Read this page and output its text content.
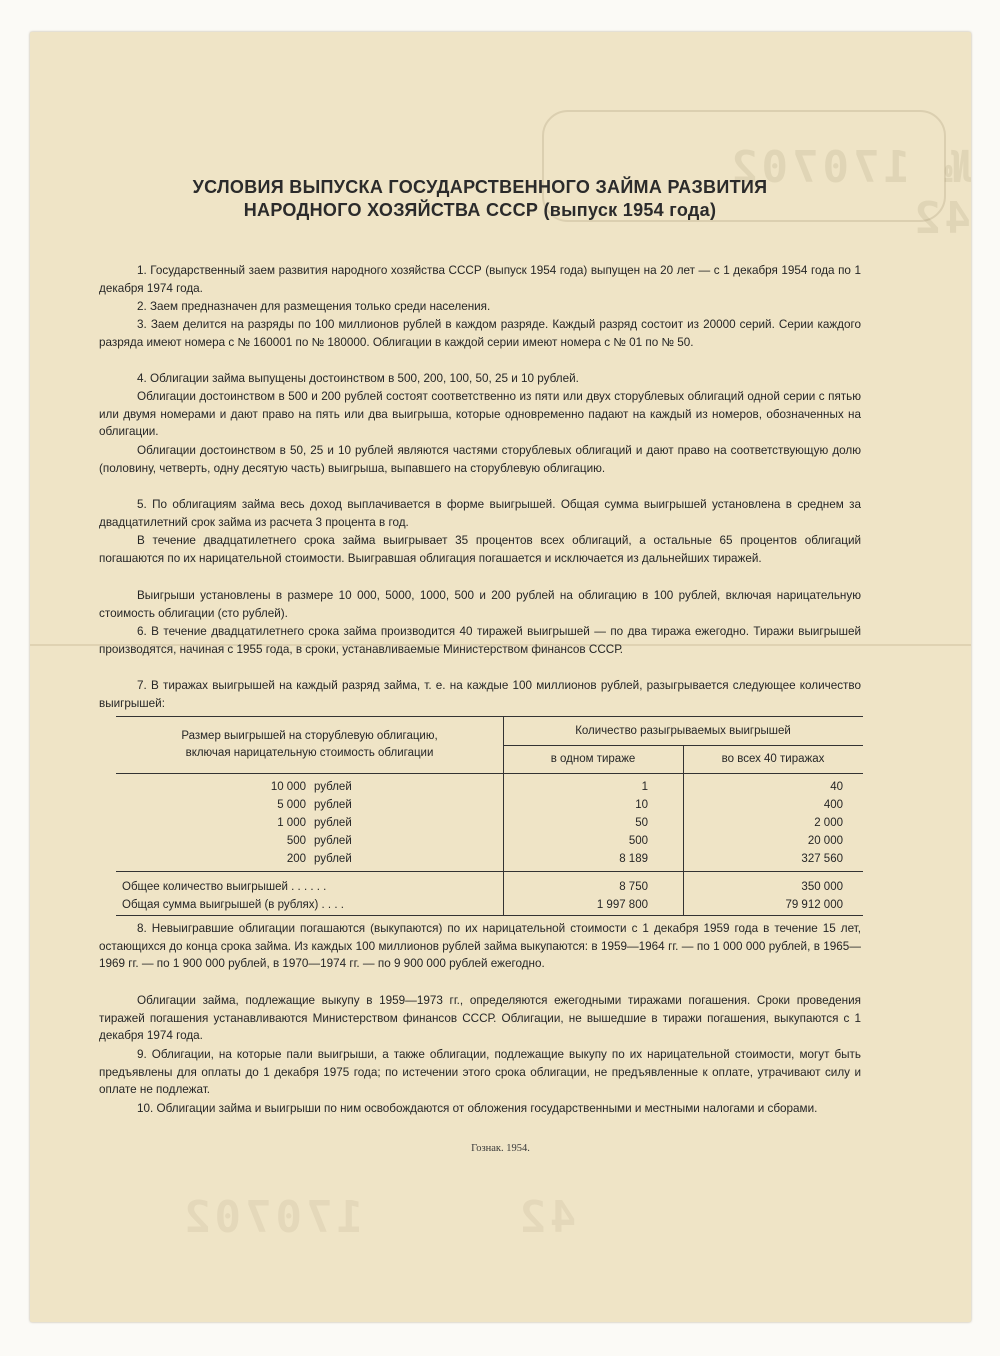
№ 170702   42
42     170702
УСЛОВИЯ ВЫПУСКА ГОСУДАРСТВЕННОГО ЗАЙМА РАЗВИТИЯ
НАРОДНОГО ХОЗЯЙСТВА СССР (выпуск 1954 года)

1. Государственный заем развития народного хозяйства СССР (выпуск 1954 года) выпущен на 20 лет — с 1 декабря 1954 года по 1 декабря 1974 года.

2. Заем предназначен для размещения только среди населения.

3. Заем делится на разряды по 100 миллионов рублей в каждом разряде. Каждый разряд состоит из 20000 серий. Серии каждого разряда имеют номера с № 160001 по № 180000. Облигации в каждой серии имеют номера с № 01 по № 50.

4. Облигации займа выпущены достоинством в 500, 200, 100, 50, 25 и 10 рублей.

Облигации достоинством в 500 и 200 рублей состоят соответственно из пяти или двух сторублевых облигаций одной серии с пятью или двумя номерами и дают право на пять или два выигрыша, которые одновременно падают на каждый из номеров, обозначенных на облигации.

Облигации достоинством в 50, 25 и 10 рублей являются частями сторублевых облигаций и дают право на соответствующую долю (половину, четверть, одну десятую часть) выигрыша, выпавшего на сторублевую облигацию.

5. По облигациям займа весь доход выплачивается в форме выигрышей. Общая сумма выигрышей установлена в среднем за двадцатилетний срок займа из расчета 3 процента в год.

В течение двадцатилетнего срока займа выигрывает 35 процентов всех облигаций, а остальные 65 процентов облигаций погашаются по их нарицательной стоимости. Выигравшая облигация погашается и исключается из дальнейших тиражей.

Выигрыши установлены в размере 10 000, 5000, 1000, 500 и 200 рублей на облигацию в 100 рублей, включая нарицательную стоимость облигации (сто рублей).

6. В течение двадцатилетнего срока займа производится 40 тиражей выигрышей — по два тиража ежегодно. Тиражи выигрышей производятся, начиная с 1955 года, в сроки, устанавливаемые Министерством финансов СССР.

7. В тиражах выигрышей на каждый разряд займа, т. е. на каждые 100 миллионов рублей, разыгрывается следующее количество выигрышей:

Размер выигрышей на сторублевую облигацию,
включая нарицательную стоимость облигации
Количество разыгрываемых выигрышей
в одном тираже	во всех 40 тиражах
10 000 рублей	1	40
5 000 рублей	10	400
1 000 рублей	50	2 000
500 рублей	500	20 000
200 рублей	8 189	327 560
Общее количество выигрышей . . . . . .	8 750	350 000
Общая сумма выигрышей (в рублях) . . . .	1 997 800	79 912 000

8. Невыигравшие облигации погашаются (выкупаются) по их нарицательной стоимости с 1 декабря 1959 года в течение 15 лет, остающихся до конца срока займа. Из каждых 100 миллионов рублей займа выкупаются: в 1959—1964 гг. — по 1 000 000 рублей, в 1965—1969 гг. — по 1 900 000 рублей, в 1970—1974 гг. — по 9 900 000 рублей ежегодно.

Облигации займа, подлежащие выкупу в 1959—1973 гг., определяются ежегодными тиражами погашения. Сроки проведения тиражей погашения устанавливаются Министерством финансов СССР. Облигации, не вышедшие в тиражи погашения, выкупаются с 1 декабря 1974 года.

9. Облигации, на которые пали выигрыши, а также облигации, подлежащие выкупу по их нарицательной стоимости, могут быть предъявлены для оплаты до 1 декабря 1975 года; по истечении этого срока облигации, не предъявленные к оплате, утрачивают силу и оплате не подлежат.

10. Облигации займа и выигрыши по ним освобождаются от обложения государственными и местными налогами и сборами.

Гознак. 1954.
